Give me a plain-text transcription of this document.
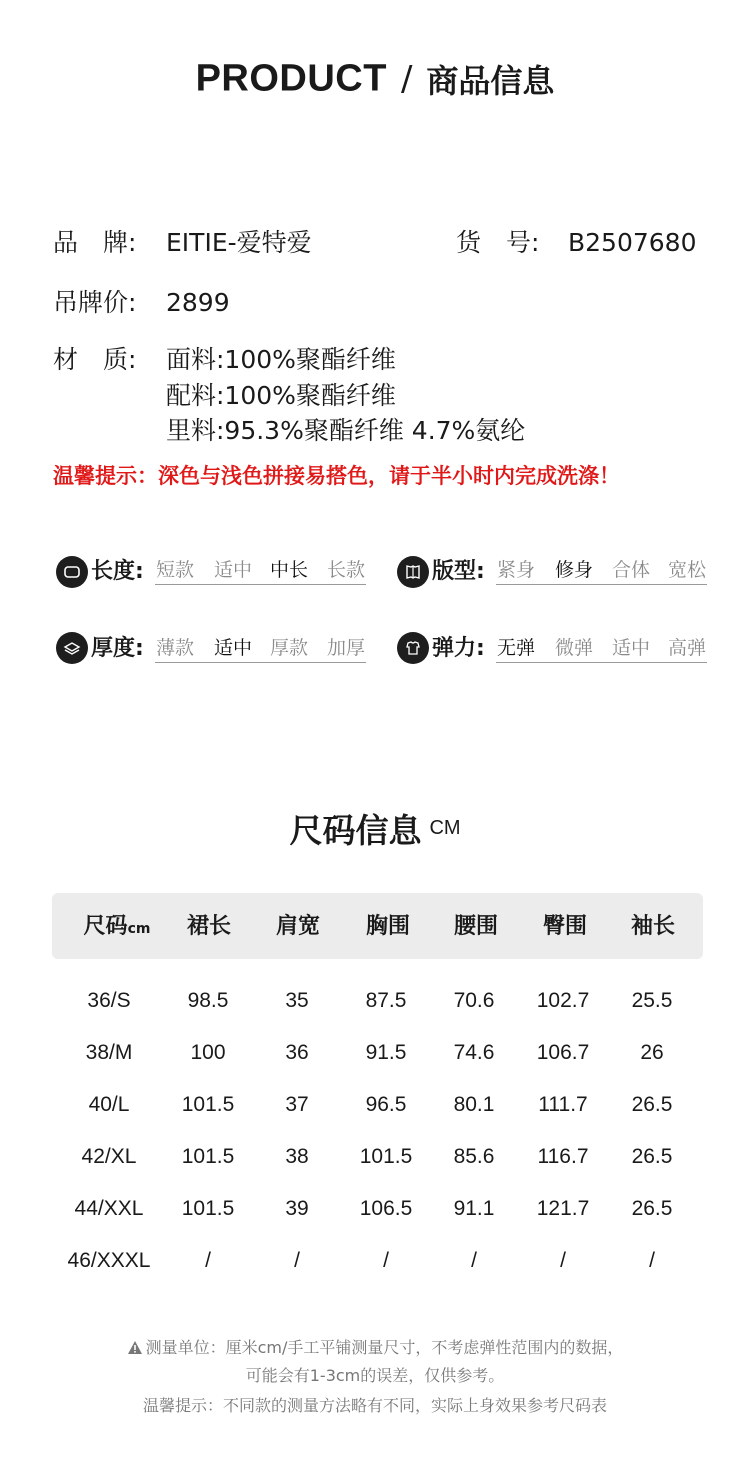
PRODUCT / 商品信息
品　牌: EITIE-爱特爱	货　号: B2507680
吊牌价: 2899
材　质: 面料:100%聚酯纤维
配料:100%聚酯纤维
里料:95.3%聚酯纤维 4.7%氨纶
温馨提示：深色与浅色拼接易搭色，请于半小时内完成洗涤！
长度: 短款 适中 中长 长款	版型: 紧身 修身 合体 宽松
厚度: 薄款 适中 厚款 加厚	弹力: 无弹 微弹 适中 高弹
尺码信息 CM
尺码cm 裙长 肩宽 胸围 腰围 臀围 袖长
36/S	98.5	35	87.5 70.6 102.7 25.5
38/M	100	36	91.5 74.6 106.7 26
40/L 101.5 37	96.5 80.1 111.7 26.5
42/XL 101.5 38 101.5 85.6 116.7 26.5
44/XXL 101.5 39 106.5 91.1 121.7 26.5
46/XXXL	/	/	/	/	/	/
测量单位：厘米cm/手工平铺测量尺寸，不考虑弹性范围内的数据，
可能会有1-3cm的误差，仅供参考。
温馨提示：不同款的测量方法略有不同，实际上身效果参考尺码表
